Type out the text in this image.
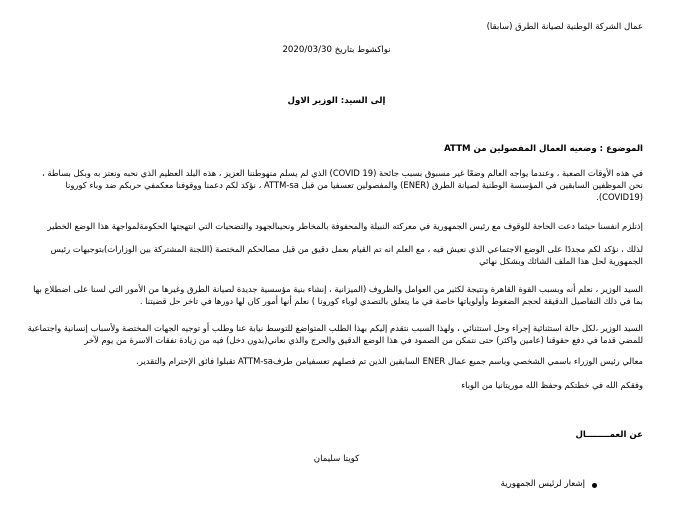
عمال الشركة الوطنية لصيانة الطرق (سابقا)
نواكشوط بتاريخ 2020/03/30
إلى السيد: الوزير الاول
الموضوع : وضعيه العمال المفصولين من ATTM
في هذه الأوقات الصعبة ، وعندما يواجه العالم وضعًا غير مسبوق بسبب جائحة (COVID 19) الذي لم يسلم منهوطننا العزيز ، هذه البلد العظيم الذي نحبه ونعتز به وبكل بساطة ،
نحن الموظفين السابقين في المؤسسة الوطنية لصيانة الطرق (ENER) والمفصولين تعسفيا من قبل ATTM-sa ، نؤكد لكم دعمنا ووقوفنا معكمفي حربكم ضد وباء كورونا
(COVID19).
إذنلزم انفسنا حيثما دعت الحاجة للوقوف مع رئيس الجمهورية في معركته النبيلة والمحفوفة بالمخاطر ونحيىالجهود والتضحيات التي انتهجتها الحكومةلمواجهة هذا الوضع الخطير
لذلك ، نؤكد لكم مجددًا على الوضع الاجتماعي الذي نعيش فيه ، مع العلم انه تم القيام بعمل دقيق من قبل مصالحكم المختصة (اللجنة المشتركة بين الوزارات)بتوجيهات رئيس
الجمهورية لحل هذا الملف الشائك وبشكل نهائي
السيد الوزير ، نعلم أنه وبسبب القوة القاهرة ونتيجة لكثير من العوامل والظروف (الميزانية ، إنشاء بنية مؤسسية جديدة لصيانة الطرق وغيرها من الأمور التي لسنا على اضطلاع بها
بما في ذلك التفاصيل الدقيقة لحجم الضغوط وأولوياتها خاصة في ما يتعلق بالتصدي لوباء كورونا ) نعلم أنها أمور كان لها دورها في تاخر حل قضيتنا .
السيد الوزير ،لكل حالة استثنائية إجراء وحل استثنائي ، ولهذا السبب نتقدم إليكم بهذا الطلب المتواضع للتوسط نيابة عنا وطلب أو توجيه الجهات المختصة ولأسباب إنسانية واجتماعية
للمضي قدما في دفع حقوقنا (عامين واكثر) حتى نتمكن من الصمود في هذا الوضع الدقيق والحرج والذي نعاني(بدون دخل) فيه من زيادة نفقات الاسرة من يوم لآخر
معالي رئيس الوزراء باسمي الشخصي وباسم جميع عمال ENER السابقين الذين تم فصلهم تعسفيامن طرفATTM-sa تقبلوا فائق الإحترام والتقدير.
وفقكم الله في خطتكم وحفظ الله موريتانيا من الوباء
عن العمــــــــال
كويتا سليمان
إشعار لرئيس الجمهورية
